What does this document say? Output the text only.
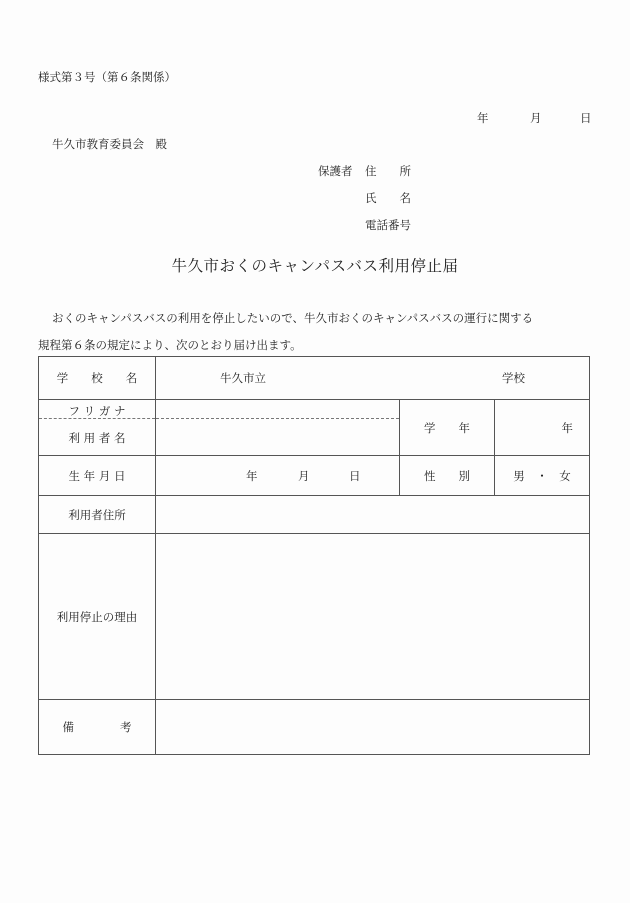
様式第３号（第６条関係）
年	月	日
牛久市教育委員会　殿
保護者 住　　所
氏　　名
電話番号
牛久市おくのキャンパスバス利用停止届
おくのキャンパスバスの利用を停止したいので、牛久市おくのキャンパスバスの運行に関する
規程第６条の規定により、次のとおり届け出ます。
学　　校　　名	牛久市立 学校		

フ リ ガ ナ
利 用 者 名		学　　年	年

生 年 月 日	年 月 日	性　　別	男　・　女
利用者住所			
利用停止の理由			
備　　　　考			
